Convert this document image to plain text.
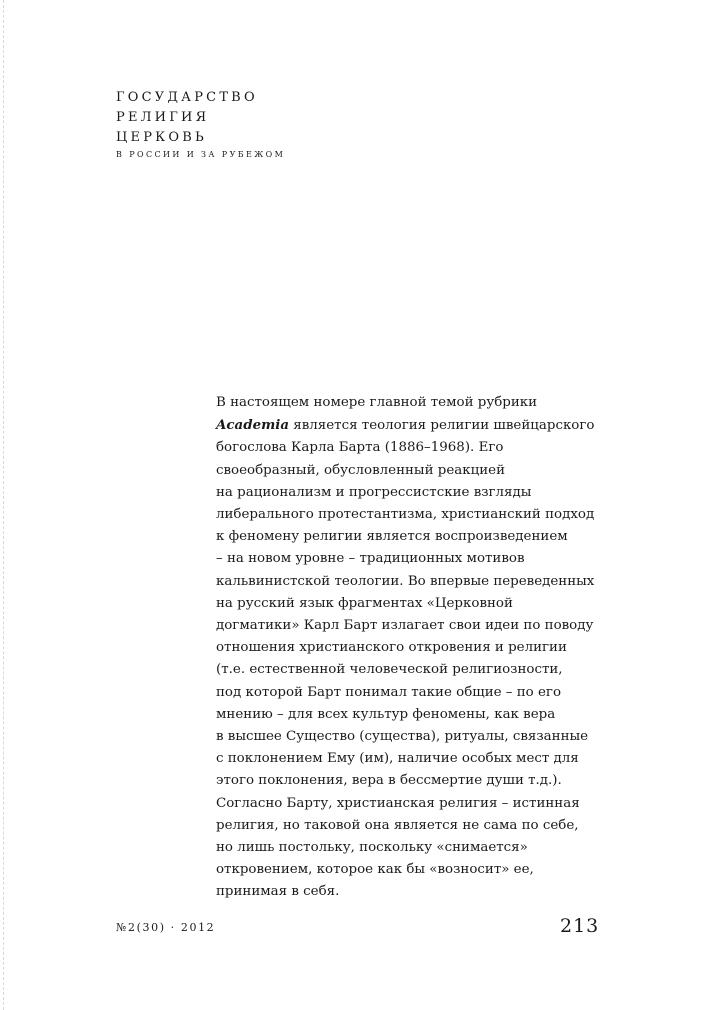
ГОСУДАРСТВО
РЕЛИГИЯ
ЦЕРКОВЬ
В РОССИИ И ЗА РУБЕЖОМ
В настоящем номере главной темой рубрики
Academia является теология религии швейцарского
богослова Карла Барта (1886–1968). Его
своеобразный, обусловленный реакцией
на рационализм и прогрессистские взгляды
либерального протестантизма, христианский подход
к феномену религии является воспроизведением
– на новом уровне – традиционных мотивов
кальвинистской теологии. Во впервые переведенных
на русский язык фрагментах «Церковной
догматики» Карл Барт излагает свои идеи по поводу
отношения христианского откровения и религии
(т.е. естественной человеческой религиозности,
под которой Барт понимал такие общие – по его
мнению – для всех культур феномены, как вера
в высшее Существо (существа), ритуалы, связанные
с поклонением Ему (им), наличие особых мест для
этого поклонения, вера в бессмертие души т.д.).
Согласно Барту, христианская религия – истинная
религия, но таковой она является не сама по себе,
но лишь постольку, поскольку «снимается»
откровением, которое как бы «возносит» ее,
принимая в себя.
№2(30) · 2012	213
